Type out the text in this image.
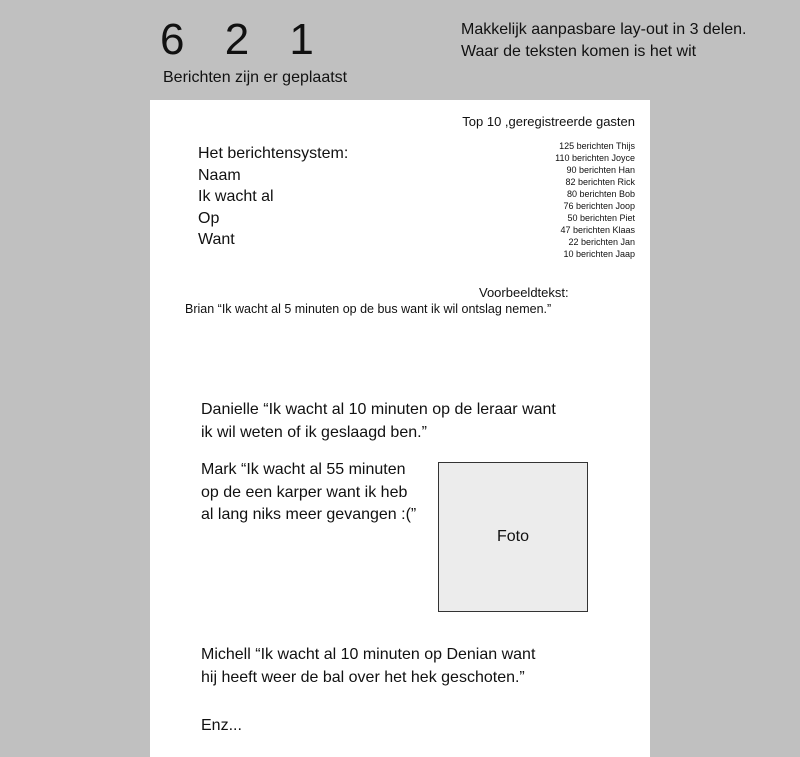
6 2 1
Berichten zijn er geplaatst
Makkelijk aanpasbare lay-out in 3 delen.
Waar de teksten komen is het wit
Top 10 ,geregistreerde gasten
125 berichten Thijs
110 berichten Joyce
90 berichten Han
82 berichten Rick
80 berichten Bob
76 berichten Joop
50 berichten Piet
47 berichten Klaas
22 berichten Jan
10 berichten Jaap
Het berichtensystem:
Naam
Ik wacht al
Op
Want
Voorbeeldtekst:
Brian “Ik wacht al 5 minuten op de bus want ik wil ontslag nemen.”
Danielle “Ik wacht al 10 minuten op de leraar want
ik wil weten of ik geslaagd ben.”
Mark “Ik wacht al 55 minuten
op de een karper want ik heb
al lang niks meer gevangen :(”
Foto
Michell “Ik wacht al 10 minuten op Denian want
hij heeft weer de bal over het hek geschoten.”
Enz...
